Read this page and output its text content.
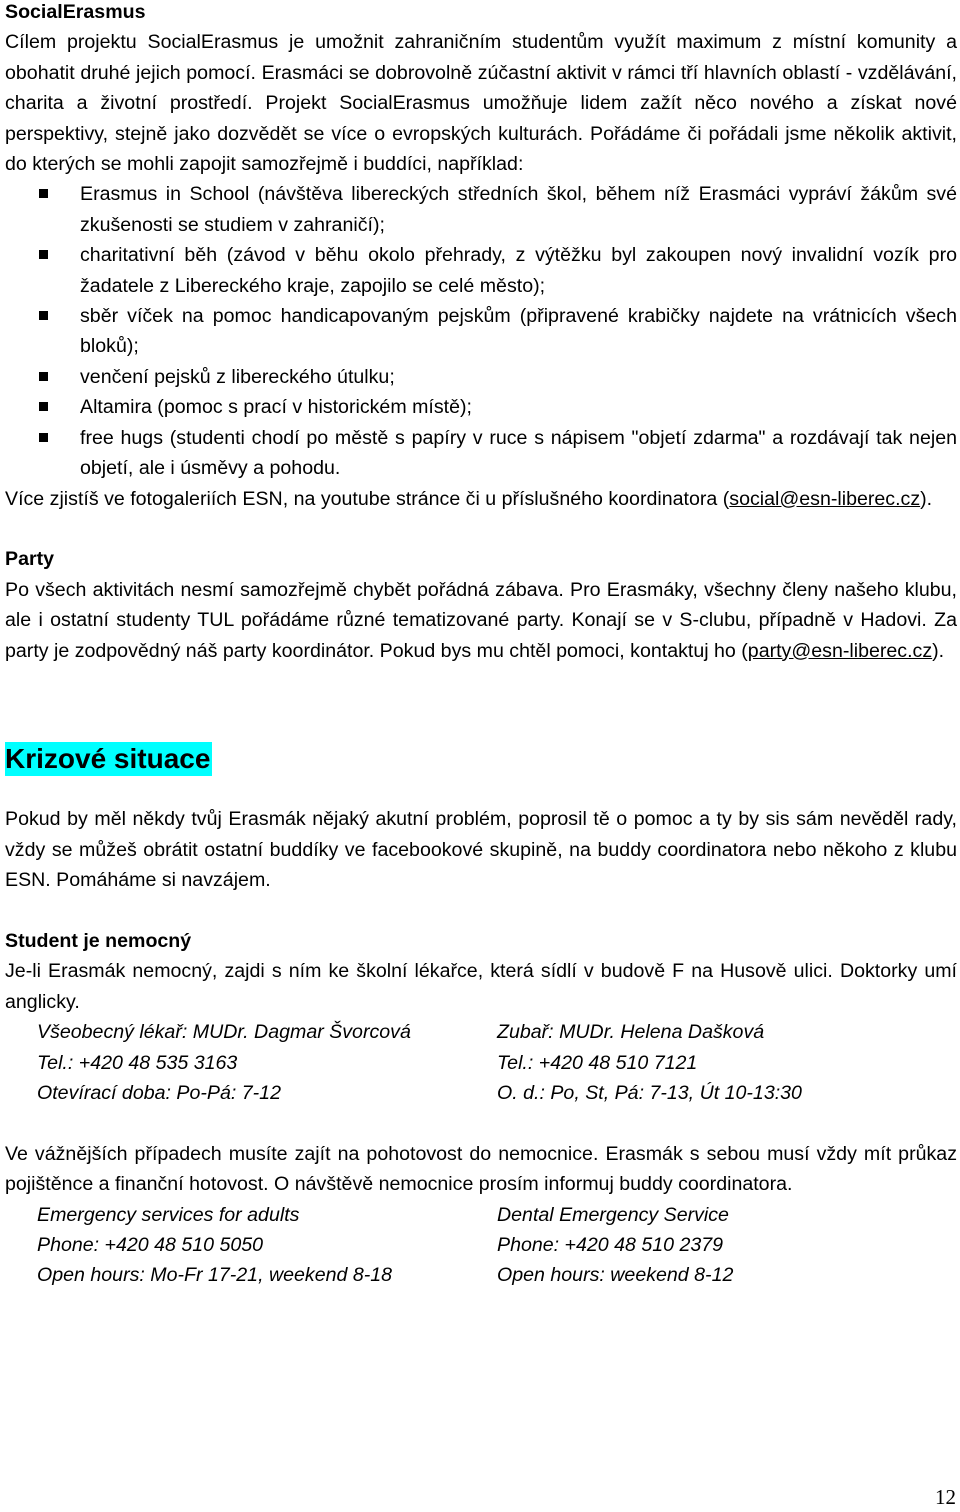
SocialErasmus

Cílem projektu SocialErasmus je umožnit zahraničním studentům využít maximum z místní komunity a obohatit druhé jejich pomocí. Erasmáci se dobrovolně zúčastní aktivit v rámci tří hlavních oblastí - vzdělávání, charita a životní prostředí. Projekt SocialErasmus umožňuje lidem zažít něco nového a získat nové perspektivy, stejně jako dozvědět se více o evropských kulturách. Pořádáme či pořádali jsme několik aktivit, do kterých se mohli zapojit samozřejmě i buddíci, například:

Erasmus in School (návštěva libereckých středních škol, během níž Erasmáci vypráví žákům své zkušenosti se studiem v zahraničí);
charitativní běh (závod v běhu okolo přehrady, z výtěžku byl zakoupen nový invalidní vozík pro žadatele z Libereckého kraje, zapojilo se celé město);
sběr víček na pomoc handicapovaným pejskům (připravené krabičky najdete na vrátnicích všech bloků);
venčení pejsků z libereckého útulku;
Altamira (pomoc s prací v historickém místě);
free hugs (studenti chodí po městě s papíry v ruce s nápisem "objetí zdarma" a rozdávají tak nejen objetí, ale i úsměvy a pohodu.

Více zjistíš ve fotogaleriích ESN, na youtube stránce či u příslušného koordinatora (social@esn-liberec.cz).

Party

Po všech aktivitách nesmí samozřejmě chybět pořádná zábava. Pro Erasmáky, všechny členy našeho klubu, ale i ostatní studenty TUL pořádáme různé tematizované party. Konají se v S-clubu, případně v Hadovi. Za party je zodpovědný náš party koordinátor. Pokud bys mu chtěl pomoci, kontaktuj ho (party@esn-liberec.cz).

Krizové situace

Pokud by měl někdy tvůj Erasmák nějaký akutní problém, poprosil tě o pomoc a ty by sis sám nevěděl rady, vždy se můžeš obrátit ostatní buddíky ve facebookové skupině, na buddy coordinatora nebo někoho z klubu ESN. Pomáháme si navzájem.

Student je nemocný

Je-li Erasmák nemocný, zajdi s ním ke školní lékařce, která sídlí v budově F na Husově ulici. Doktorky umí anglicky.

Všeobecný lékař: MUDr. Dagmar Švorcová
Tel.: +420 48 535 3163
Otevírací doba: Po-Pá: 7-12
Zubař: MUDr. Helena Dašková
Tel.: +420 48 510 7121
O. d.: Po, St, Pá: 7-13, Út 10-13:30

Ve vážnějších případech musíte zajít na pohotovost do nemocnice. Erasmák s sebou musí vždy mít průkaz pojištěnce a finanční hotovost. O návštěvě nemocnice prosím informuj buddy coordinatora.

Emergency services for adults
Phone: +420 48 510 5050
Open hours: Mo-Fr 17-21, weekend 8-18
Dental Emergency Service
Phone: +420 48 510 2379
Open hours: weekend 8-12
12
